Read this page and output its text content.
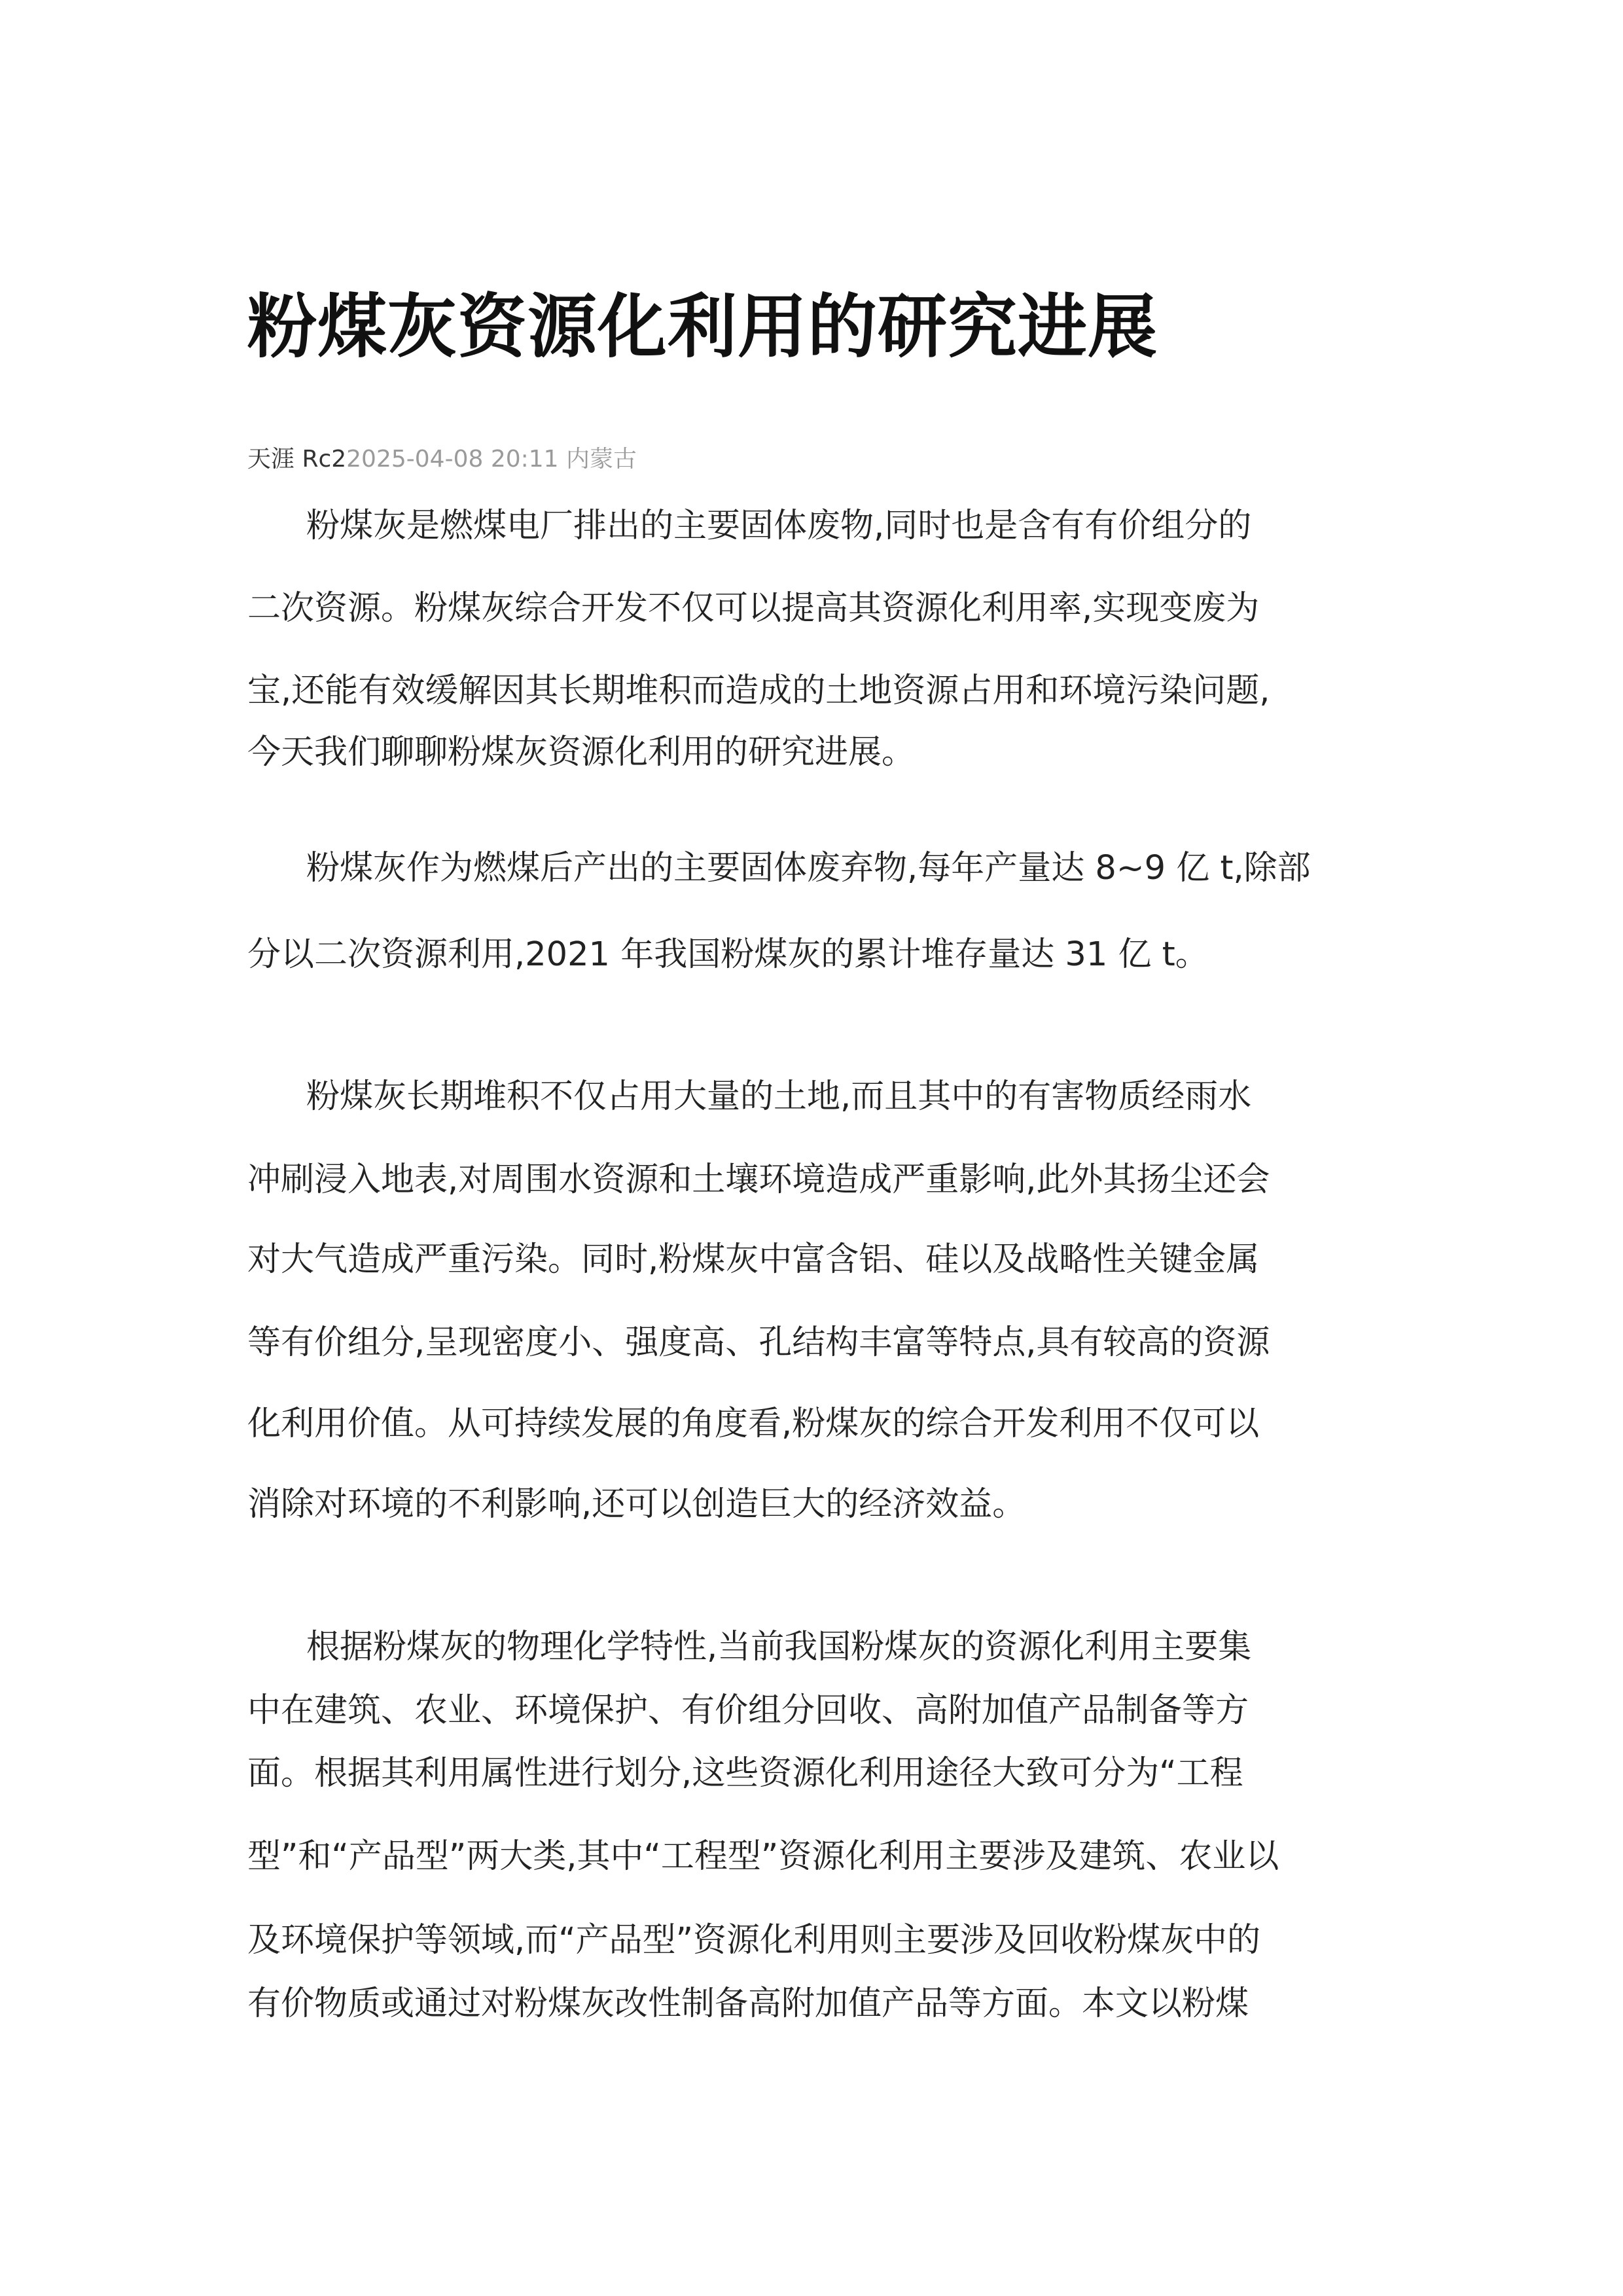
粉煤灰资源化利用的研究进展
天涯 Rc22025-04-08 20:11 内蒙古
粉煤灰是燃煤电厂排出的主要固体废物,同时也是含有有价组分的
二次资源。粉煤灰综合开发不仅可以提高其资源化利用率,实现变废为
宝,还能有效缓解因其长期堆积而造成的土地资源占用和环境污染问题,
今天我们聊聊粉煤灰资源化利用的研究进展。
粉煤灰作为燃煤后产出的主要固体废弃物,每年产量达 8~9 亿 t,除部
分以二次资源利用,2021 年我国粉煤灰的累计堆存量达 31 亿 t。
粉煤灰长期堆积不仅占用大量的土地,而且其中的有害物质经雨水
冲刷浸入地表,对周围水资源和土壤环境造成严重影响,此外其扬尘还会
对大气造成严重污染。同时,粉煤灰中富含铝、硅以及战略性关键金属
等有价组分,呈现密度小、强度高、孔结构丰富等特点,具有较高的资源
化利用价值。从可持续发展的角度看,粉煤灰的综合开发利用不仅可以
消除对环境的不利影响,还可以创造巨大的经济效益。
根据粉煤灰的物理化学特性,当前我国粉煤灰的资源化利用主要集
中在建筑、农业、环境保护、有价组分回收、高附加值产品制备等方
面。根据其利用属性进行划分,这些资源化利用途径大致可分为“工程
型”和“产品型”两大类,其中“工程型”资源化利用主要涉及建筑、农业以
及环境保护等领域,而“产品型”资源化利用则主要涉及回收粉煤灰中的
有价物质或通过对粉煤灰改性制备高附加值产品等方面。本文以粉煤
